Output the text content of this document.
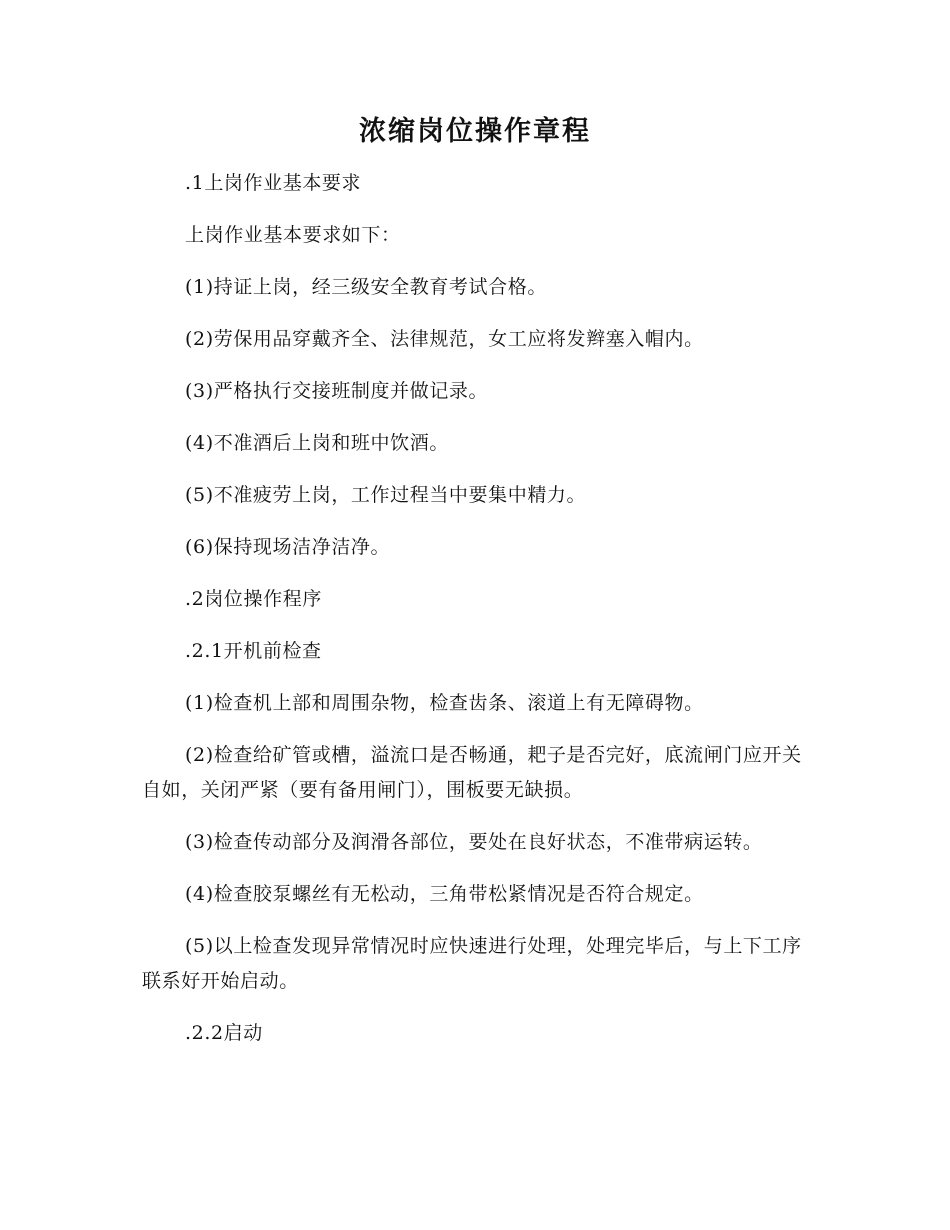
浓缩岗位操作章程

.1上岗作业基本要求

上岗作业基本要求如下：

(1)持证上岗，经三级安全教育考试合格。

(2)劳保用品穿戴齐全、法律规范，女工应将发辫塞入帽内。

(3)严格执行交接班制度并做记录。

(4)不准酒后上岗和班中饮酒。

(5)不准疲劳上岗，工作过程当中要集中精力。

(6)保持现场洁净洁净。

.2岗位操作程序

.2.1开机前检查

(1)检查机上部和周围杂物，检查齿条、滚道上有无障碍物。

(2)检查给矿管或槽，溢流口是否畅通，耙子是否完好，底流闸门应开关自如，关闭严紧（要有备用闸门），围板要无缺损。

(3)检查传动部分及润滑各部位，要处在良好状态，不准带病运转。

(4)检查胶泵螺丝有无松动，三角带松紧情况是否符合规定。

(5)以上检查发现异常情况时应快速进行处理，处理完毕后，与上下工序联系好开始启动。

.2.2启动
